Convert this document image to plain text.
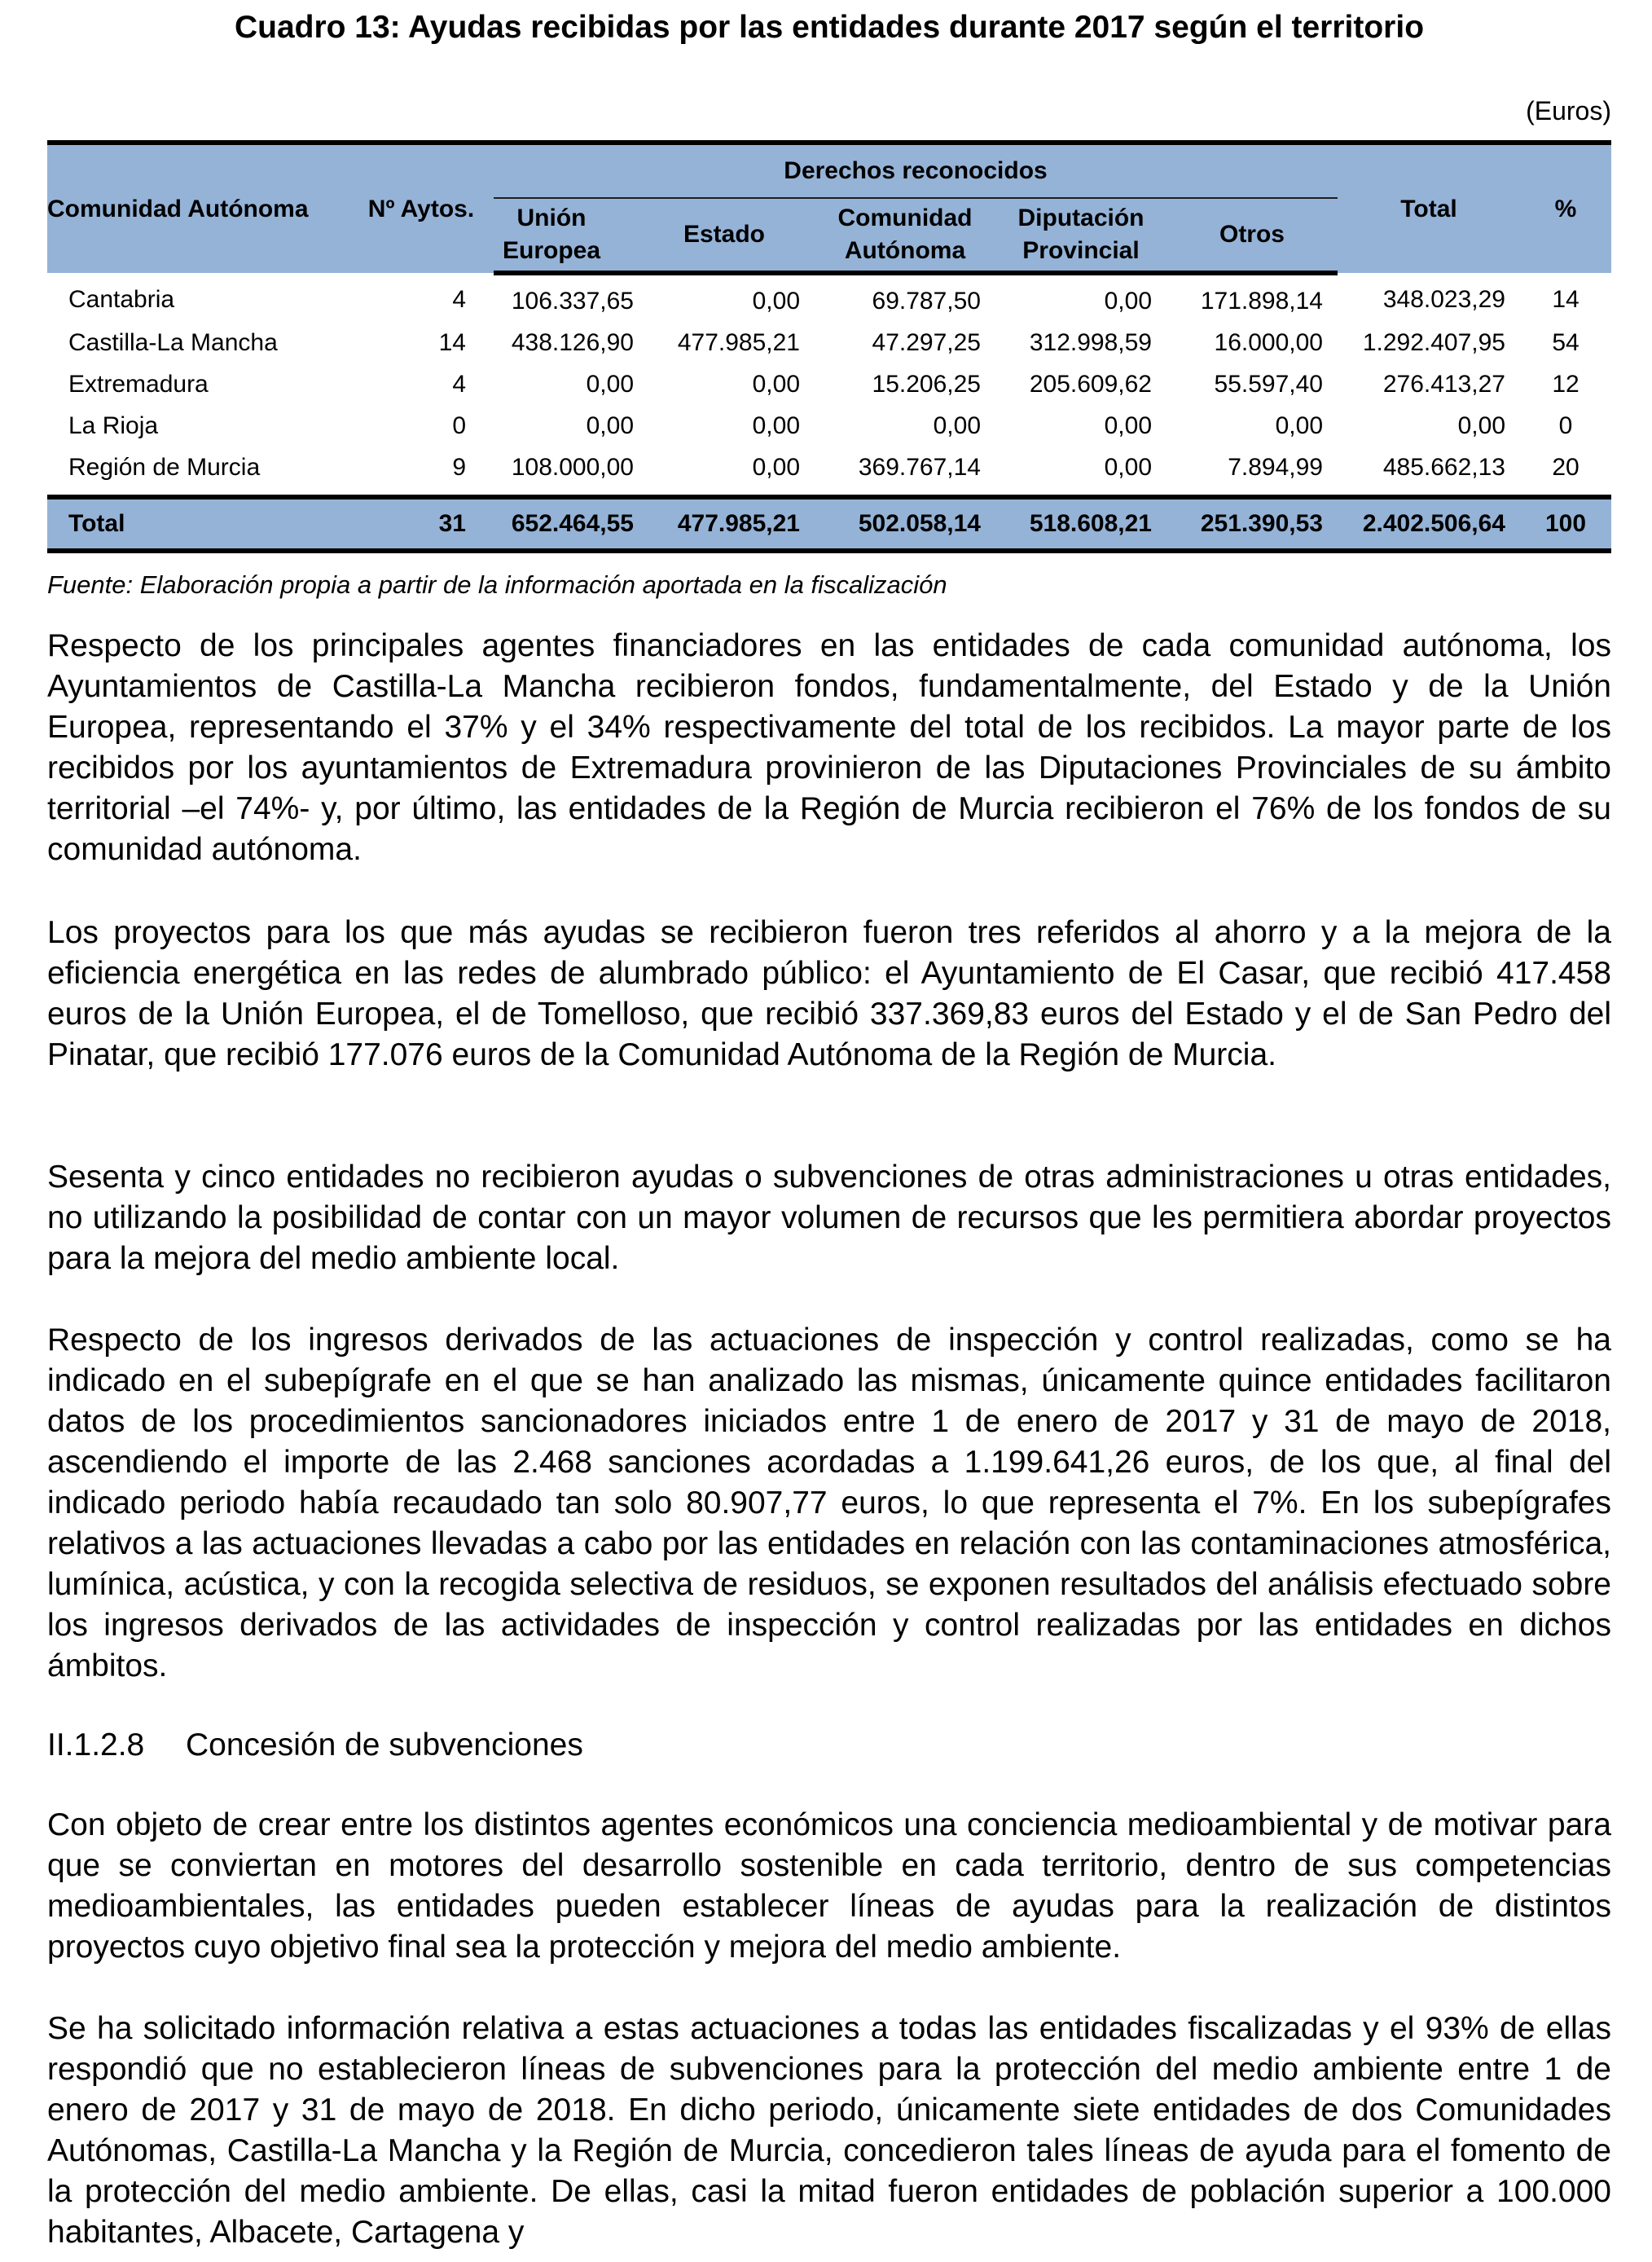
Cuadro 13: Ayudas recibidas por las entidades durante 2017 según el territorio
(Euros)
Comunidad Autónoma	Nº Aytos.	Derechos reconocidos					Total	%
		Unión Europea	Estado	Comunidad Autónoma	Diputación Provincial	Otros		
Cantabria	4	106.337,65	0,00	69.787,50	0,00	171.898,14	348.023,29	14
Castilla-La Mancha	14	438.126,90	477.985,21	47.297,25	312.998,59	16.000,00	1.292.407,95	54
Extremadura	4	0,00	0,00	15.206,25	205.609,62	55.597,40	276.413,27	12
La Rioja	0	0,00	0,00	0,00	0,00	0,00	0,00	0
Región de Murcia	9	108.000,00	0,00	369.767,14	0,00	7.894,99	485.662,13	20
Total	31	652.464,55	477.985,21	502.058,14	518.608,21	251.390,53	2.402.506,64	100
Fuente: Elaboración propia a partir de la información aportada en la fiscalización

Respecto de los principales agentes financiadores en las entidades de cada comunidad autónoma, los Ayuntamientos de Castilla-La Mancha recibieron fondos, fundamentalmente, del Estado y de la Unión Europea, representando el 37% y el 34% respectivamente del total de los recibidos. La mayor parte de los recibidos por los ayuntamientos de Extremadura provinieron de las Diputaciones Provinciales de su ámbito territorial –el 74%- y, por último, las entidades de la Región de Murcia recibieron el 76% de los fondos de su comunidad autónoma.

Los proyectos para los que más ayudas se recibieron fueron tres referidos al ahorro y a la mejora de la eficiencia energética en las redes de alumbrado público: el Ayuntamiento de El Casar, que recibió 417.458 euros de la Unión Europea, el de Tomelloso, que recibió 337.369,83 euros del Estado y el de San Pedro del Pinatar, que recibió 177.076 euros de la Comunidad Autónoma de la Región de Murcia.

Sesenta y cinco entidades no recibieron ayudas o subvenciones de otras administraciones u otras entidades, no utilizando la posibilidad de contar con un mayor volumen de recursos que les permitiera abordar proyectos para la mejora del medio ambiente local.

Respecto de los ingresos derivados de las actuaciones de inspección y control realizadas, como se ha indicado en el subepígrafe en el que se han analizado las mismas, únicamente quince entidades facilitaron datos de los procedimientos sancionadores iniciados entre 1 de enero de 2017 y 31 de mayo de 2018, ascendiendo el importe de las 2.468 sanciones acordadas a 1.199.641,26 euros, de los que, al final del indicado periodo había recaudado tan solo 80.907,77 euros, lo que representa el 7%. En los subepígrafes relativos a las actuaciones llevadas a cabo por las entidades en relación con las contaminaciones atmosférica, lumínica, acústica, y con la recogida selectiva de residuos, se exponen resultados del análisis efectuado sobre los ingresos derivados de las actividades de inspección y control realizadas por las entidades en dichos ámbitos.

II.1.2.8 Concesión de subvenciones

Con objeto de crear entre los distintos agentes económicos una conciencia medioambiental y de motivar para que se conviertan en motores del desarrollo sostenible en cada territorio, dentro de sus competencias medioambientales, las entidades pueden establecer líneas de ayudas para la realización de distintos proyectos cuyo objetivo final sea la protección y mejora del medio ambiente.

Se ha solicitado información relativa a estas actuaciones a todas las entidades fiscalizadas y el 93% de ellas respondió que no establecieron líneas de subvenciones para la protección del medio ambiente entre 1 de enero de 2017 y 31 de mayo de 2018. En dicho periodo, únicamente siete entidades de dos Comunidades Autónomas, Castilla-La Mancha y la Región de Murcia, concedieron tales líneas de ayuda para el fomento de la protección del medio ambiente. De ellas, casi la mitad fueron entidades de población superior a 100.000 habitantes, Albacete, Cartagena y
